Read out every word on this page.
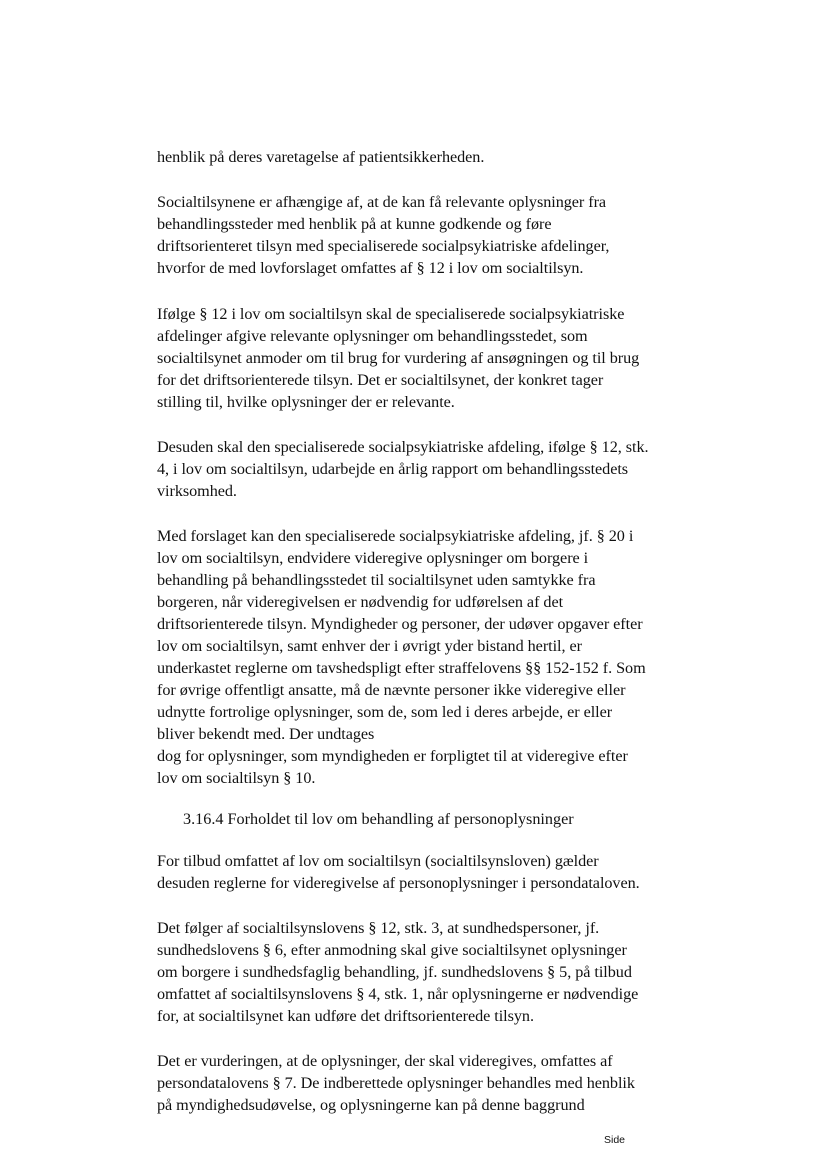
henblik på deres varetagelse af patientsikkerheden.
Socialtilsynene er afhængige af, at de kan få relevante oplysninger fra
behandlingssteder med henblik på at kunne godkende og føre
driftsorienteret tilsyn med specialiserede socialpsykiatriske afdelinger,
hvorfor de med lovforslaget omfattes af § 12 i lov om socialtilsyn.
Ifølge § 12 i lov om socialtilsyn skal de specialiserede socialpsykiatriske
afdelinger afgive relevante oplysninger om behandlingsstedet, som
socialtilsynet anmoder om til brug for vurdering af ansøgningen og til brug
for det driftsorienterede tilsyn. Det er socialtilsynet, der konkret tager
stilling til, hvilke oplysninger der er relevante.
Desuden skal den specialiserede socialpsykiatriske afdeling, ifølge § 12, stk.
4, i lov om socialtilsyn, udarbejde en årlig rapport om behandlingsstedets
virksomhed.
Med forslaget kan den specialiserede socialpsykiatriske afdeling, jf. § 20 i
lov om socialtilsyn, endvidere videregive oplysninger om borgere i
behandling på behandlingsstedet til socialtilsynet uden samtykke fra
borgeren, når videregivelsen er nødvendig for udførelsen af det
driftsorienterede tilsyn. Myndigheder og personer, der udøver opgaver efter
lov om socialtilsyn, samt enhver der i øvrigt yder bistand hertil, er
underkastet reglerne om tavshedspligt efter straffelovens §§ 152-152 f. Som
for øvrige offentligt ansatte, må de nævnte personer ikke videregive eller
udnytte fortrolige oplysninger, som de, som led i deres arbejde, er eller
bliver bekendt med. Der undtages
dog for oplysninger, som myndigheden er forpligtet til at videregive efter
lov om socialtilsyn § 10.
3.16.4 Forholdet til lov om behandling af personoplysninger
For tilbud omfattet af lov om socialtilsyn (socialtilsynsloven) gælder
desuden reglerne for videregivelse af personoplysninger i persondataloven.
Det følger af socialtilsynslovens § 12, stk. 3, at sundhedspersoner, jf.
sundhedslovens § 6, efter anmodning skal give socialtilsynet oplysninger
om borgere i sundhedsfaglig behandling, jf. sundhedslovens § 5, på tilbud
omfattet af socialtilsynslovens § 4, stk. 1, når oplysningerne er nødvendige
for, at socialtilsynet kan udføre det driftsorienterede tilsyn.
Det er vurderingen, at de oplysninger, der skal videregives, omfattes af
persondatalovens § 7. De indberettede oplysninger behandles med henblik
på myndighedsudøvelse, og oplysningerne kan på denne baggrund
Side
